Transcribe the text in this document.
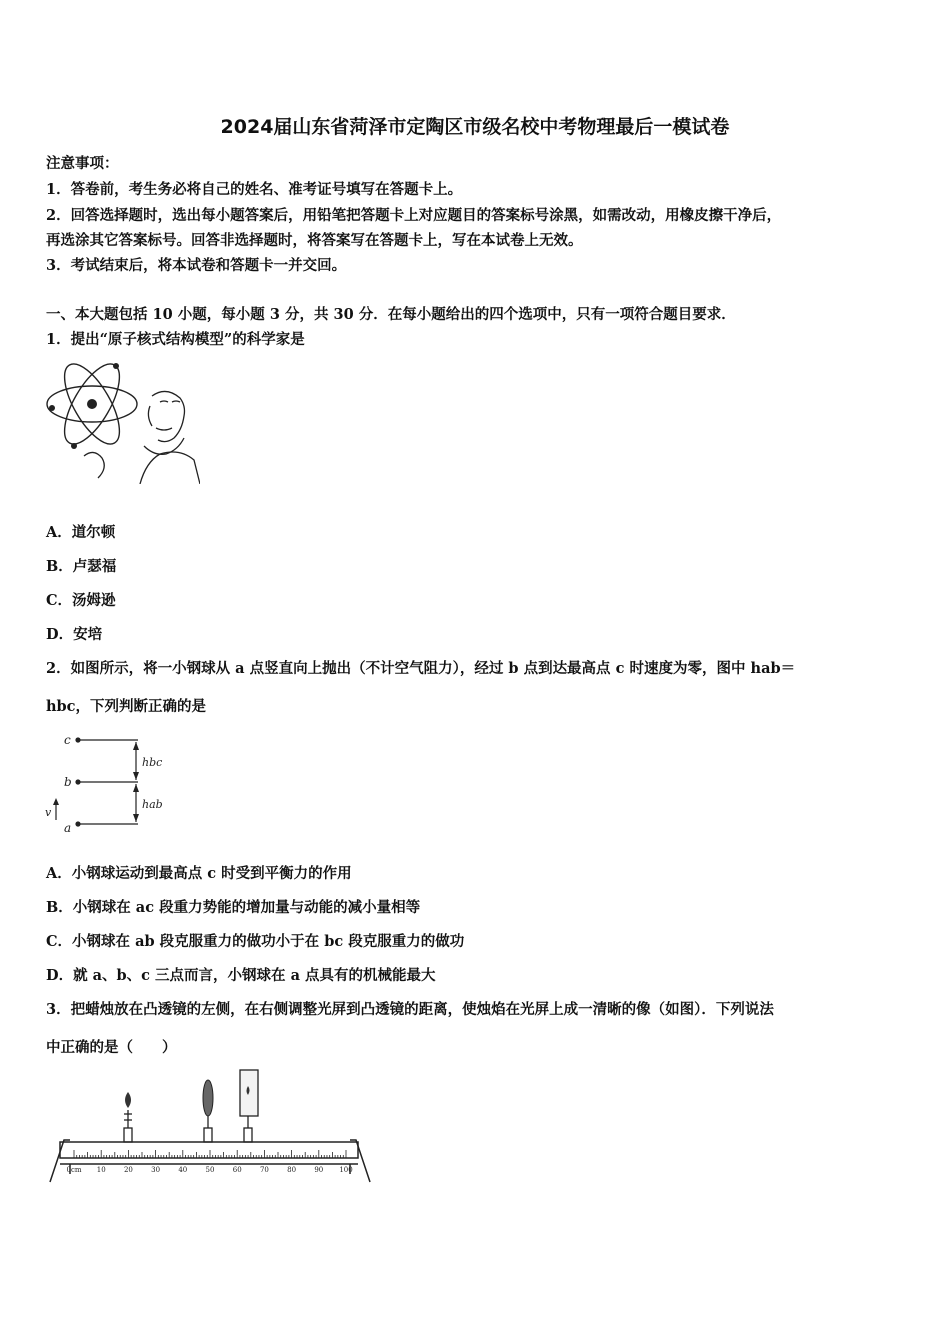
2024届山东省菏泽市定陶区市级名校中考物理最后一模试卷
注意事项：
1．答卷前，考生务必将自己的姓名、准考证号填写在答题卡上。
2．回答选择题时，选出每小题答案后，用铅笔把答题卡上对应题目的答案标号涂黑，如需改动，用橡皮擦干净后，
再选涂其它答案标号。回答非选择题时，将答案写在答题卡上，写在本试卷上无效。
3．考试结束后，将本试卷和答题卡一并交回。
一、本大题包括 10 小题，每小题 3 分，共 30 分．在每小题给出的四个选项中，只有一项符合题目要求．
1．提出“原子核式结构模型”的科学家是
A．道尔顿
B．卢瑟福
C．汤姆逊
D．安培
2．如图所示，将一小钢球从 a 点竖直向上抛出（不计空气阻力），经过 b 点到达最高点 c 时速度为零，图中 hab＝
hbc，下列判断正确的是
c
b
a
v
hbc
hab
A．小钢球运动到最高点 c 时受到平衡力的作用
B．小钢球在 ac 段重力势能的增加量与动能的减小量相等
C．小钢球在 ab 段克服重力的做功小于在 bc 段克服重力的做功
D．就 a、b、c 三点而言，小钢球在 a 点具有的机械能最大
3．把蜡烛放在凸透镜的左侧，在右侧调整光屏到凸透镜的距离，使烛焰在光屏上成一清晰的像（如图）．下列说法
中正确的是（　　）
0cm 10	20	30	40	50	60	70	80	90 100
